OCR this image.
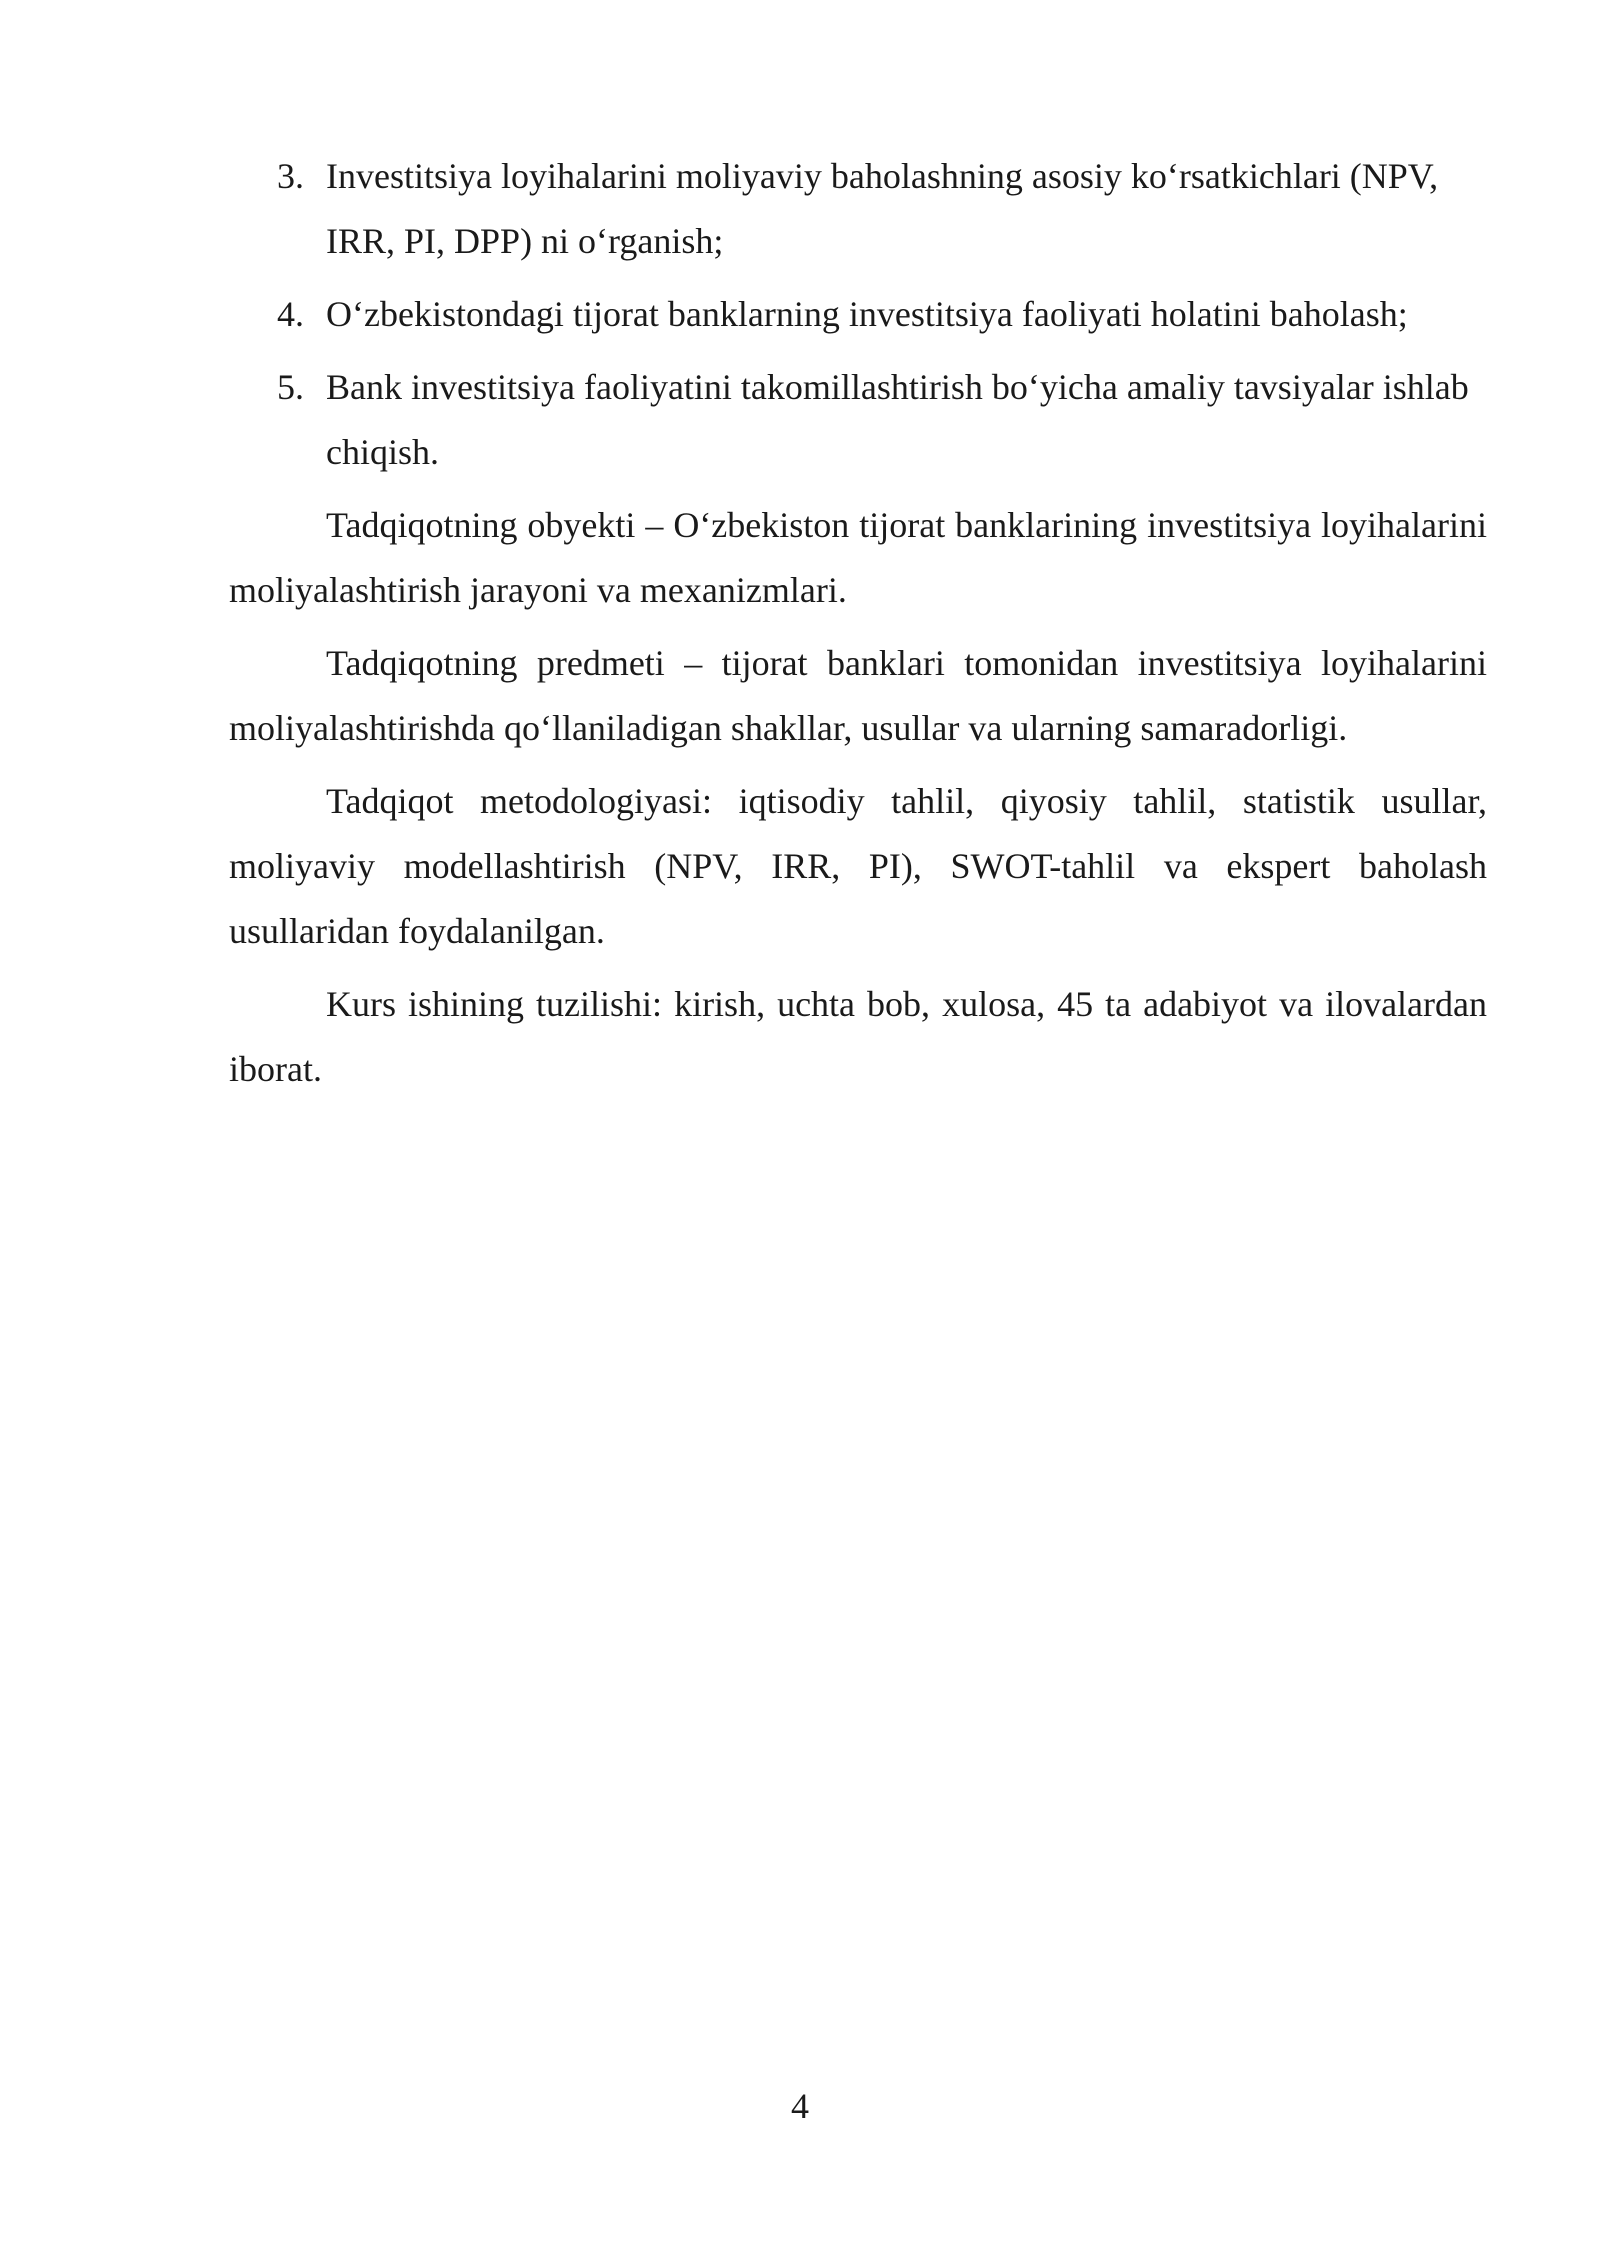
3. Investitsiya loyihalarini moliyaviy baholashning asosiy koʻrsatkichlari (NPV, IRR, PI, DPP) ni oʻrganish;
4. Oʻzbekistondagi tijorat banklarning investitsiya faoliyati holatini baholash;
5. Bank investitsiya faoliyatini takomillashtirish boʻyicha amaliy tavsiyalar ishlab chiqish.

Tadqiqotning obyekti – Oʻzbekiston tijorat banklarining investitsiya loyihalarini moliyalashtirish jarayoni va mexanizmlari.

Tadqiqotning predmeti – tijorat banklari tomonidan investitsiya loyihalarini moliyalashtirishda qoʻllaniladigan shakllar, usullar va ularning samaradorligi.

Tadqiqot metodologiyasi: iqtisodiy tahlil, qiyosiy tahlil, statistik usullar, moliyaviy modellashtirish (NPV, IRR, PI), SWOT-tahlil va ekspert baholash usullaridan foydalanilgan.

Kurs ishining tuzilishi: kirish, uchta bob, xulosa, 45 ta adabiyot va ilovalardan iborat.

4
